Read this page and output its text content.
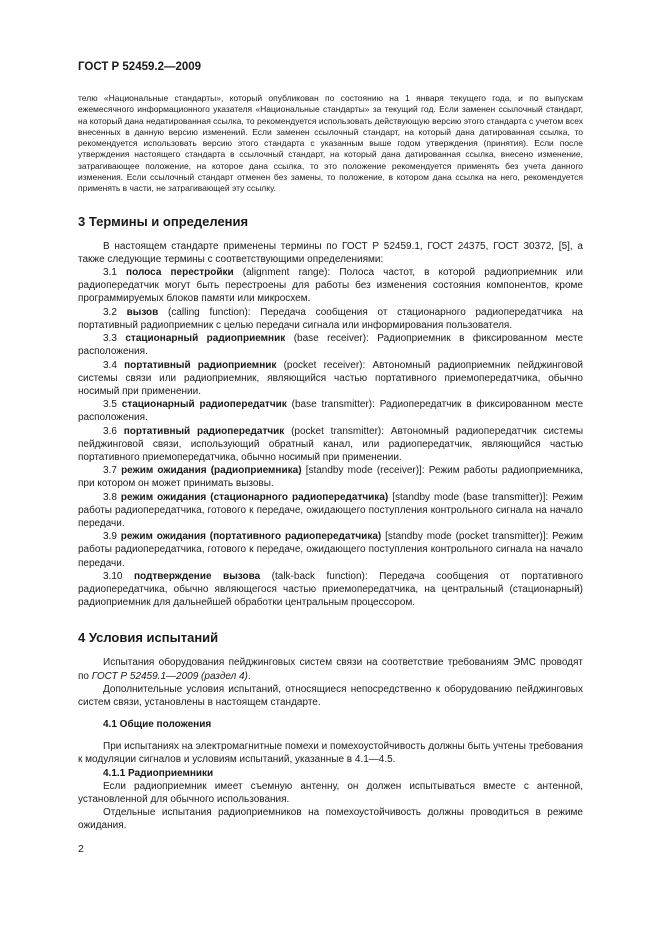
ГОСТ Р 52459.2—2009

телю «Национальные стандарты», который опубликован по состоянию на 1 января текущего года, и по выпускам ежемесячного информационного указателя «Национальные стандарты» за текущий год. Если заменен ссылочный стандарт, на который дана недатированная ссылка, то рекомендуется использовать действующую версию этого стандарта с учетом всех внесенных в данную версию изменений. Если заменен ссылочный стандарт, на который дана датированная ссылка, то рекомендуется использовать версию этого стандарта с указанным выше годом утверждения (принятия). Если после утверждения настоящего стандарта в ссылочный стандарт, на который дана датированная ссылка, внесено изменение, затрагивающее положение, на которое дана ссылка, то это положение рекомендуется применять без учета данного изменения. Если ссылочный стандарт отменен без замены, то положение, в котором дана ссылка на него, рекомендуется применять в части, не затрагивающей эту ссылку.

3 Термины и определения

В настоящем стандарте применены термины по ГОСТ Р 52459.1, ГОСТ 24375, ГОСТ 30372, [5], а также следующие термины с соответствующими определениями:

3.1 полоса перестройки (alignment range): Полоса частот, в которой радиоприемник или радиопередатчик могут быть перестроены для работы без изменения состояния компонентов, кроме программируемых блоков памяти или микросхем.

3.2 вызов (calling function): Передача сообщения от стационарного радиопередатчика на портативный радиоприемник с целью передачи сигнала или информирования пользователя.

3.3 стационарный радиоприемник (base receiver): Радиоприемник в фиксированном месте расположения.

3.4 портативный радиоприемник (pocket receiver): Автономный радиоприемник пейджинговой системы связи или радиоприемник, являющийся частью портативного приемопередатчика, обычно носимый при применении.

3.5 стационарный радиопередатчик (base transmitter): Радиопередатчик в фиксированном месте расположения.

3.6 портативный радиопередатчик (pocket transmitter): Автономный радиопередатчик системы пейджинговой связи, использующий обратный канал, или радиопередатчик, являющийся частью портативного приемопередатчика, обычно носимый при применении.

3.7 режим ожидания (радиоприемника) [standby mode (receiver)]: Режим работы радиоприемника, при котором он может принимать вызовы.

3.8 режим ожидания (стационарного радиопередатчика) [standby mode (base transmitter)]: Режим работы радиопередатчика, готового к передаче, ожидающего поступления контрольного сигнала на начало передачи.

3.9 режим ожидания (портативного радиопередатчика) [standby mode (pocket transmitter)]: Режим работы радиопередатчика, готового к передаче, ожидающего поступления контрольного сигнала на начало передачи.

3.10 подтверждение вызова (talk-back function): Передача сообщения от портативного радиопередатчика, обычно являющегося частью приемопередатчика, на центральный (стационарный) радиоприемник для дальнейшей обработки центральным процессором.

4 Условия испытаний

Испытания оборудования пейджинговых систем связи на соответствие требованиям ЭМС проводят пo ГОСТ Р 52459.1—2009 (раздел 4).

Дополнительные условия испытаний, относящиеся непосредственно к оборудованию пейджинговых систем связи, установлены в настоящем стандарте.

4.1 Общие положения

При испытаниях на электромагнитные помехи и помехоустойчивость должны быть учтены требования к модуляции сигналов и условиям испытаний, указанные в 4.1—4.5.

4.1.1 Радиоприемники

Если радиоприемник имеет съемную антенну, он должен испытываться вместе с антенной, установленной для обычного использования.

Отдельные испытания радиоприемников на помехоустойчивость должны проводиться в режиме ожидания.

2
